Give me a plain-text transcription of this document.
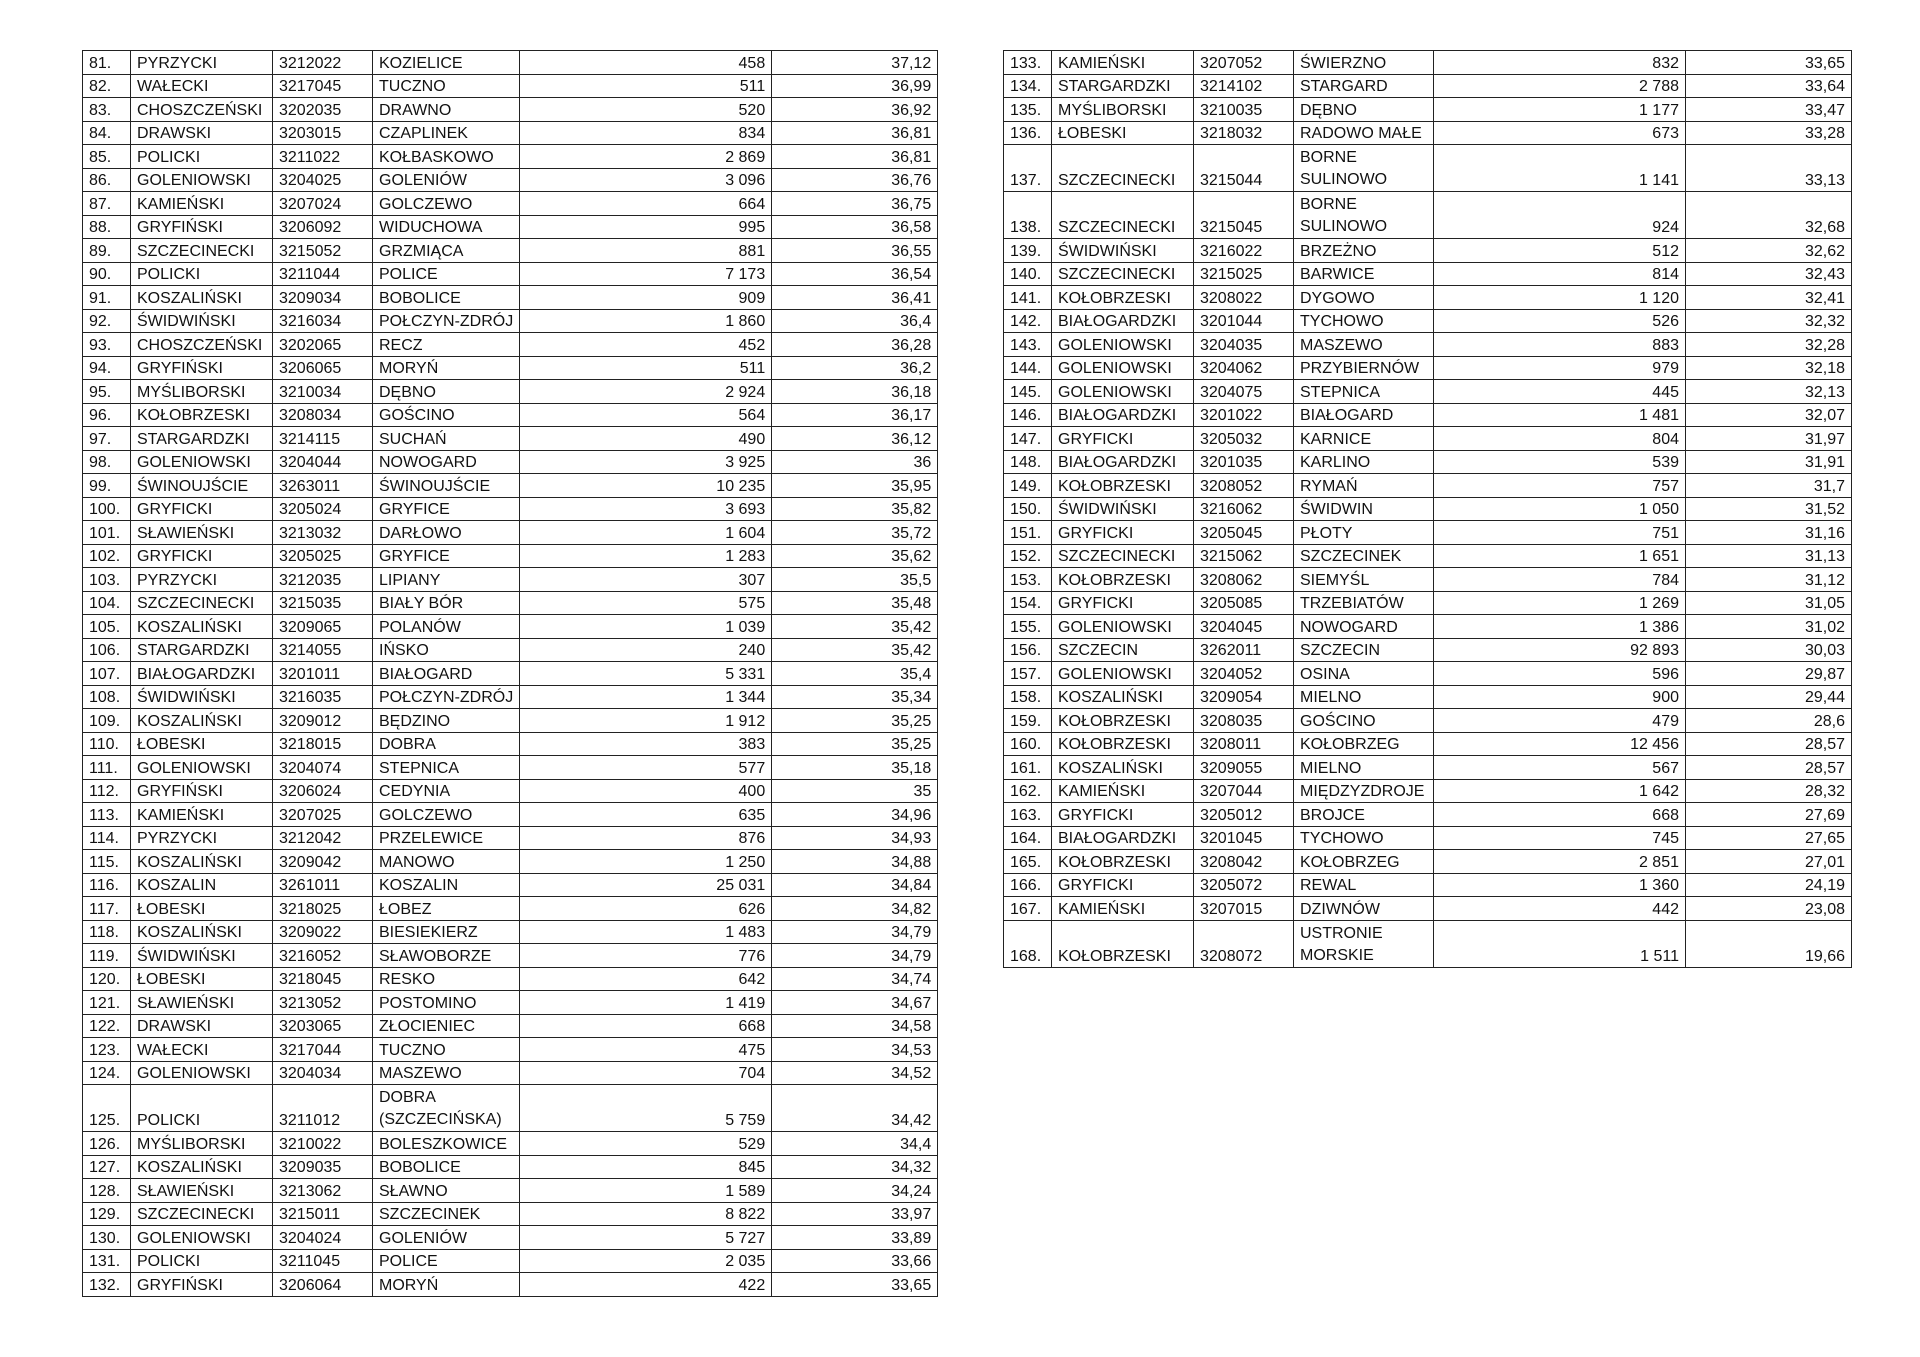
81.	PYRZYCKI	3212022	KOZIELICE	458	37,12
82.	WAŁECKI	3217045	TUCZNO	511	36,99
83.	CHOSZCZEŃSKI	3202035	DRAWNO	520	36,92
84.	DRAWSKI	3203015	CZAPLINEK	834	36,81
85.	POLICKI	3211022	KOŁBASKOWO	2 869	36,81
86.	GOLENIOWSKI	3204025	GOLENIÓW	3 096	36,76
87.	KAMIEŃSKI	3207024	GOLCZEWO	664	36,75
88.	GRYFIŃSKI	3206092	WIDUCHOWA	995	36,58
89.	SZCZECINECKI	3215052	GRZMIĄCA	881	36,55
90.	POLICKI	3211044	POLICE	7 173	36,54
91.	KOSZALIŃSKI	3209034	BOBOLICE	909	36,41
92.	ŚWIDWIŃSKI	3216034	POŁCZYN-ZDRÓJ	1 860	36,4
93.	CHOSZCZEŃSKI	3202065	RECZ	452	36,28
94.	GRYFIŃSKI	3206065	MORYŃ	511	36,2
95.	MYŚLIBORSKI	3210034	DĘBNO	2 924	36,18
96.	KOŁOBRZESKI	3208034	GOŚCINO	564	36,17
97.	STARGARDZKI	3214115	SUCHAŃ	490	36,12
98.	GOLENIOWSKI	3204044	NOWOGARD	3 925	36
99.	ŚWINOUJŚCIE	3263011	ŚWINOUJŚCIE	10 235	35,95
100.	GRYFICKI	3205024	GRYFICE	3 693	35,82
101.	SŁAWIEŃSKI	3213032	DARŁOWO	1 604	35,72
102.	GRYFICKI	3205025	GRYFICE	1 283	35,62
103.	PYRZYCKI	3212035	LIPIANY	307	35,5
104.	SZCZECINECKI	3215035	BIAŁY BÓR	575	35,48
105.	KOSZALIŃSKI	3209065	POLANÓW	1 039	35,42
106.	STARGARDZKI	3214055	IŃSKO	240	35,42
107.	BIAŁOGARDZKI	3201011	BIAŁOGARD	5 331	35,4
108.	ŚWIDWIŃSKI	3216035	POŁCZYN-ZDRÓJ	1 344	35,34
109.	KOSZALIŃSKI	3209012	BĘDZINO	1 912	35,25
110.	ŁOBESKI	3218015	DOBRA	383	35,25
111.	GOLENIOWSKI	3204074	STEPNICA	577	35,18
112.	GRYFIŃSKI	3206024	CEDYNIA	400	35
113.	KAMIEŃSKI	3207025	GOLCZEWO	635	34,96
114.	PYRZYCKI	3212042	PRZELEWICE	876	34,93
115.	KOSZALIŃSKI	3209042	MANOWO	1 250	34,88
116.	KOSZALIN	3261011	KOSZALIN	25 031	34,84
117.	ŁOBESKI	3218025	ŁOBEZ	626	34,82
118.	KOSZALIŃSKI	3209022	BIESIEKIERZ	1 483	34,79
119.	ŚWIDWIŃSKI	3216052	SŁAWOBORZE	776	34,79
120.	ŁOBESKI	3218045	RESKO	642	34,74
121.	SŁAWIEŃSKI	3213052	POSTOMINO	1 419	34,67
122.	DRAWSKI	3203065	ZŁOCIENIEC	668	34,58
123.	WAŁECKI	3217044	TUCZNO	475	34,53
124.	GOLENIOWSKI	3204034	MASZEWO	704	34,52
125.	POLICKI	3211012	DOBRA (SZCZECIŃSKA)	5 759	34,42
126.	MYŚLIBORSKI	3210022	BOLESZKOWICE	529	34,4
127.	KOSZALIŃSKI	3209035	BOBOLICE	845	34,32
128.	SŁAWIEŃSKI	3213062	SŁAWNO	1 589	34,24
129.	SZCZECINECKI	3215011	SZCZECINEK	8 822	33,97
130.	GOLENIOWSKI	3204024	GOLENIÓW	5 727	33,89
131.	POLICKI	3211045	POLICE	2 035	33,66
132.	GRYFIŃSKI	3206064	MORYŃ	422	33,65
133.	KAMIEŃSKI	3207052	ŚWIERZNO	832	33,65
134.	STARGARDZKI	3214102	STARGARD	2 788	33,64
135.	MYŚLIBORSKI	3210035	DĘBNO	1 177	33,47
136.	ŁOBESKI	3218032	RADOWO MAŁE	673	33,28
137.	SZCZECINECKI	3215044	BORNE SULINOWO	1 141	33,13
138.	SZCZECINECKI	3215045	BORNE SULINOWO	924	32,68
139.	ŚWIDWIŃSKI	3216022	BRZEŻNO	512	32,62
140.	SZCZECINECKI	3215025	BARWICE	814	32,43
141.	KOŁOBRZESKI	3208022	DYGOWO	1 120	32,41
142.	BIAŁOGARDZKI	3201044	TYCHOWO	526	32,32
143.	GOLENIOWSKI	3204035	MASZEWO	883	32,28
144.	GOLENIOWSKI	3204062	PRZYBIERNÓW	979	32,18
145.	GOLENIOWSKI	3204075	STEPNICA	445	32,13
146.	BIAŁOGARDZKI	3201022	BIAŁOGARD	1 481	32,07
147.	GRYFICKI	3205032	KARNICE	804	31,97
148.	BIAŁOGARDZKI	3201035	KARLINO	539	31,91
149.	KOŁOBRZESKI	3208052	RYMAŃ	757	31,7
150.	ŚWIDWIŃSKI	3216062	ŚWIDWIN	1 050	31,52
151.	GRYFICKI	3205045	PŁOTY	751	31,16
152.	SZCZECINECKI	3215062	SZCZECINEK	1 651	31,13
153.	KOŁOBRZESKI	3208062	SIEMYŚL	784	31,12
154.	GRYFICKI	3205085	TRZEBIATÓW	1 269	31,05
155.	GOLENIOWSKI	3204045	NOWOGARD	1 386	31,02
156.	SZCZECIN	3262011	SZCZECIN	92 893	30,03
157.	GOLENIOWSKI	3204052	OSINA	596	29,87
158.	KOSZALIŃSKI	3209054	MIELNO	900	29,44
159.	KOŁOBRZESKI	3208035	GOŚCINO	479	28,6
160.	KOŁOBRZESKI	3208011	KOŁOBRZEG	12 456	28,57
161.	KOSZALIŃSKI	3209055	MIELNO	567	28,57
162.	KAMIEŃSKI	3207044	MIĘDZYZDROJE	1 642	28,32
163.	GRYFICKI	3205012	BROJCE	668	27,69
164.	BIAŁOGARDZKI	3201045	TYCHOWO	745	27,65
165.	KOŁOBRZESKI	3208042	KOŁOBRZEG	2 851	27,01
166.	GRYFICKI	3205072	REWAL	1 360	24,19
167.	KAMIEŃSKI	3207015	DZIWNÓW	442	23,08
168.	KOŁOBRZESKI	3208072	USTRONIE MORSKIE	1 511	19,66
